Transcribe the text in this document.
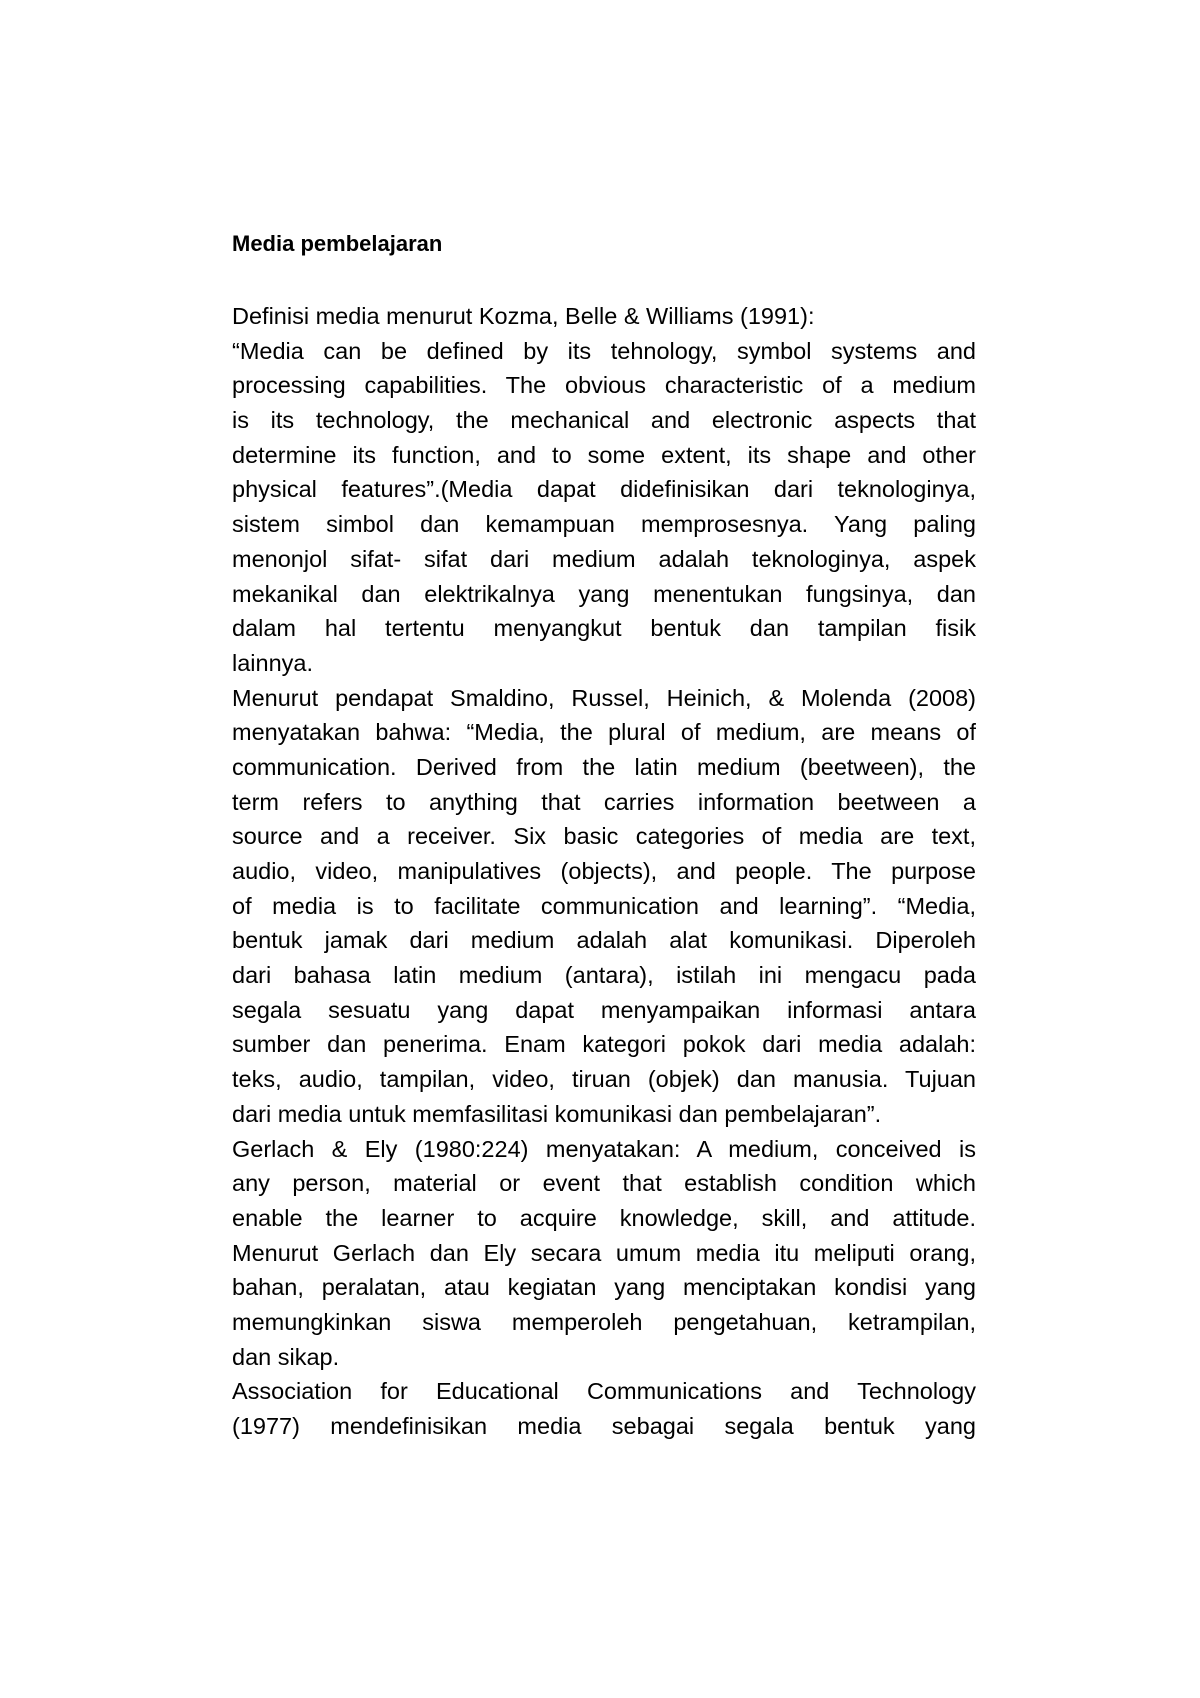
Media pembelajaran
Definisi media menurut Kozma, Belle & Williams (1991):
“Media can be defined by its tehnology, symbol systems and
processing capabilities. The obvious characteristic of a medium
is its technology, the mechanical and electronic aspects that
determine its function, and to some extent, its shape and other
physical features”.(Media dapat didefinisikan dari teknologinya,
sistem simbol dan kemampuan memprosesnya. Yang paling
menonjol sifat- sifat dari medium adalah teknologinya, aspek
mekanikal dan elektrikalnya yang menentukan fungsinya, dan
dalam hal tertentu menyangkut bentuk dan tampilan fisik
lainnya.
Menurut pendapat Smaldino, Russel, Heinich, & Molenda (2008)
menyatakan bahwa: “Media, the plural of medium, are means of
communication. Derived from the latin medium (beetween), the
term refers to anything that carries information beetween a
source and a receiver. Six basic categories of media are text,
audio, video, manipulatives (objects), and people. The purpose
of media is to facilitate communication and learning”. “Media,
bentuk jamak dari medium adalah alat komunikasi. Diperoleh
dari bahasa latin medium (antara), istilah ini mengacu pada
segala sesuatu yang dapat menyampaikan informasi antara
sumber dan penerima. Enam kategori pokok dari media adalah:
teks, audio, tampilan, video, tiruan (objek) dan manusia. Tujuan
dari media untuk memfasilitasi komunikasi dan pembelajaran”.
Gerlach & Ely (1980:224) menyatakan: A medium, conceived is
any person, material or event that establish condition which
enable the learner to acquire knowledge, skill, and attitude.
Menurut Gerlach dan Ely secara umum media itu meliputi orang,
bahan, peralatan, atau kegiatan yang menciptakan kondisi yang
memungkinkan siswa memperoleh pengetahuan, ketrampilan,
dan sikap.
Association for Educational Communications and Technology
(1977) mendefinisikan media sebagai segala bentuk yang
